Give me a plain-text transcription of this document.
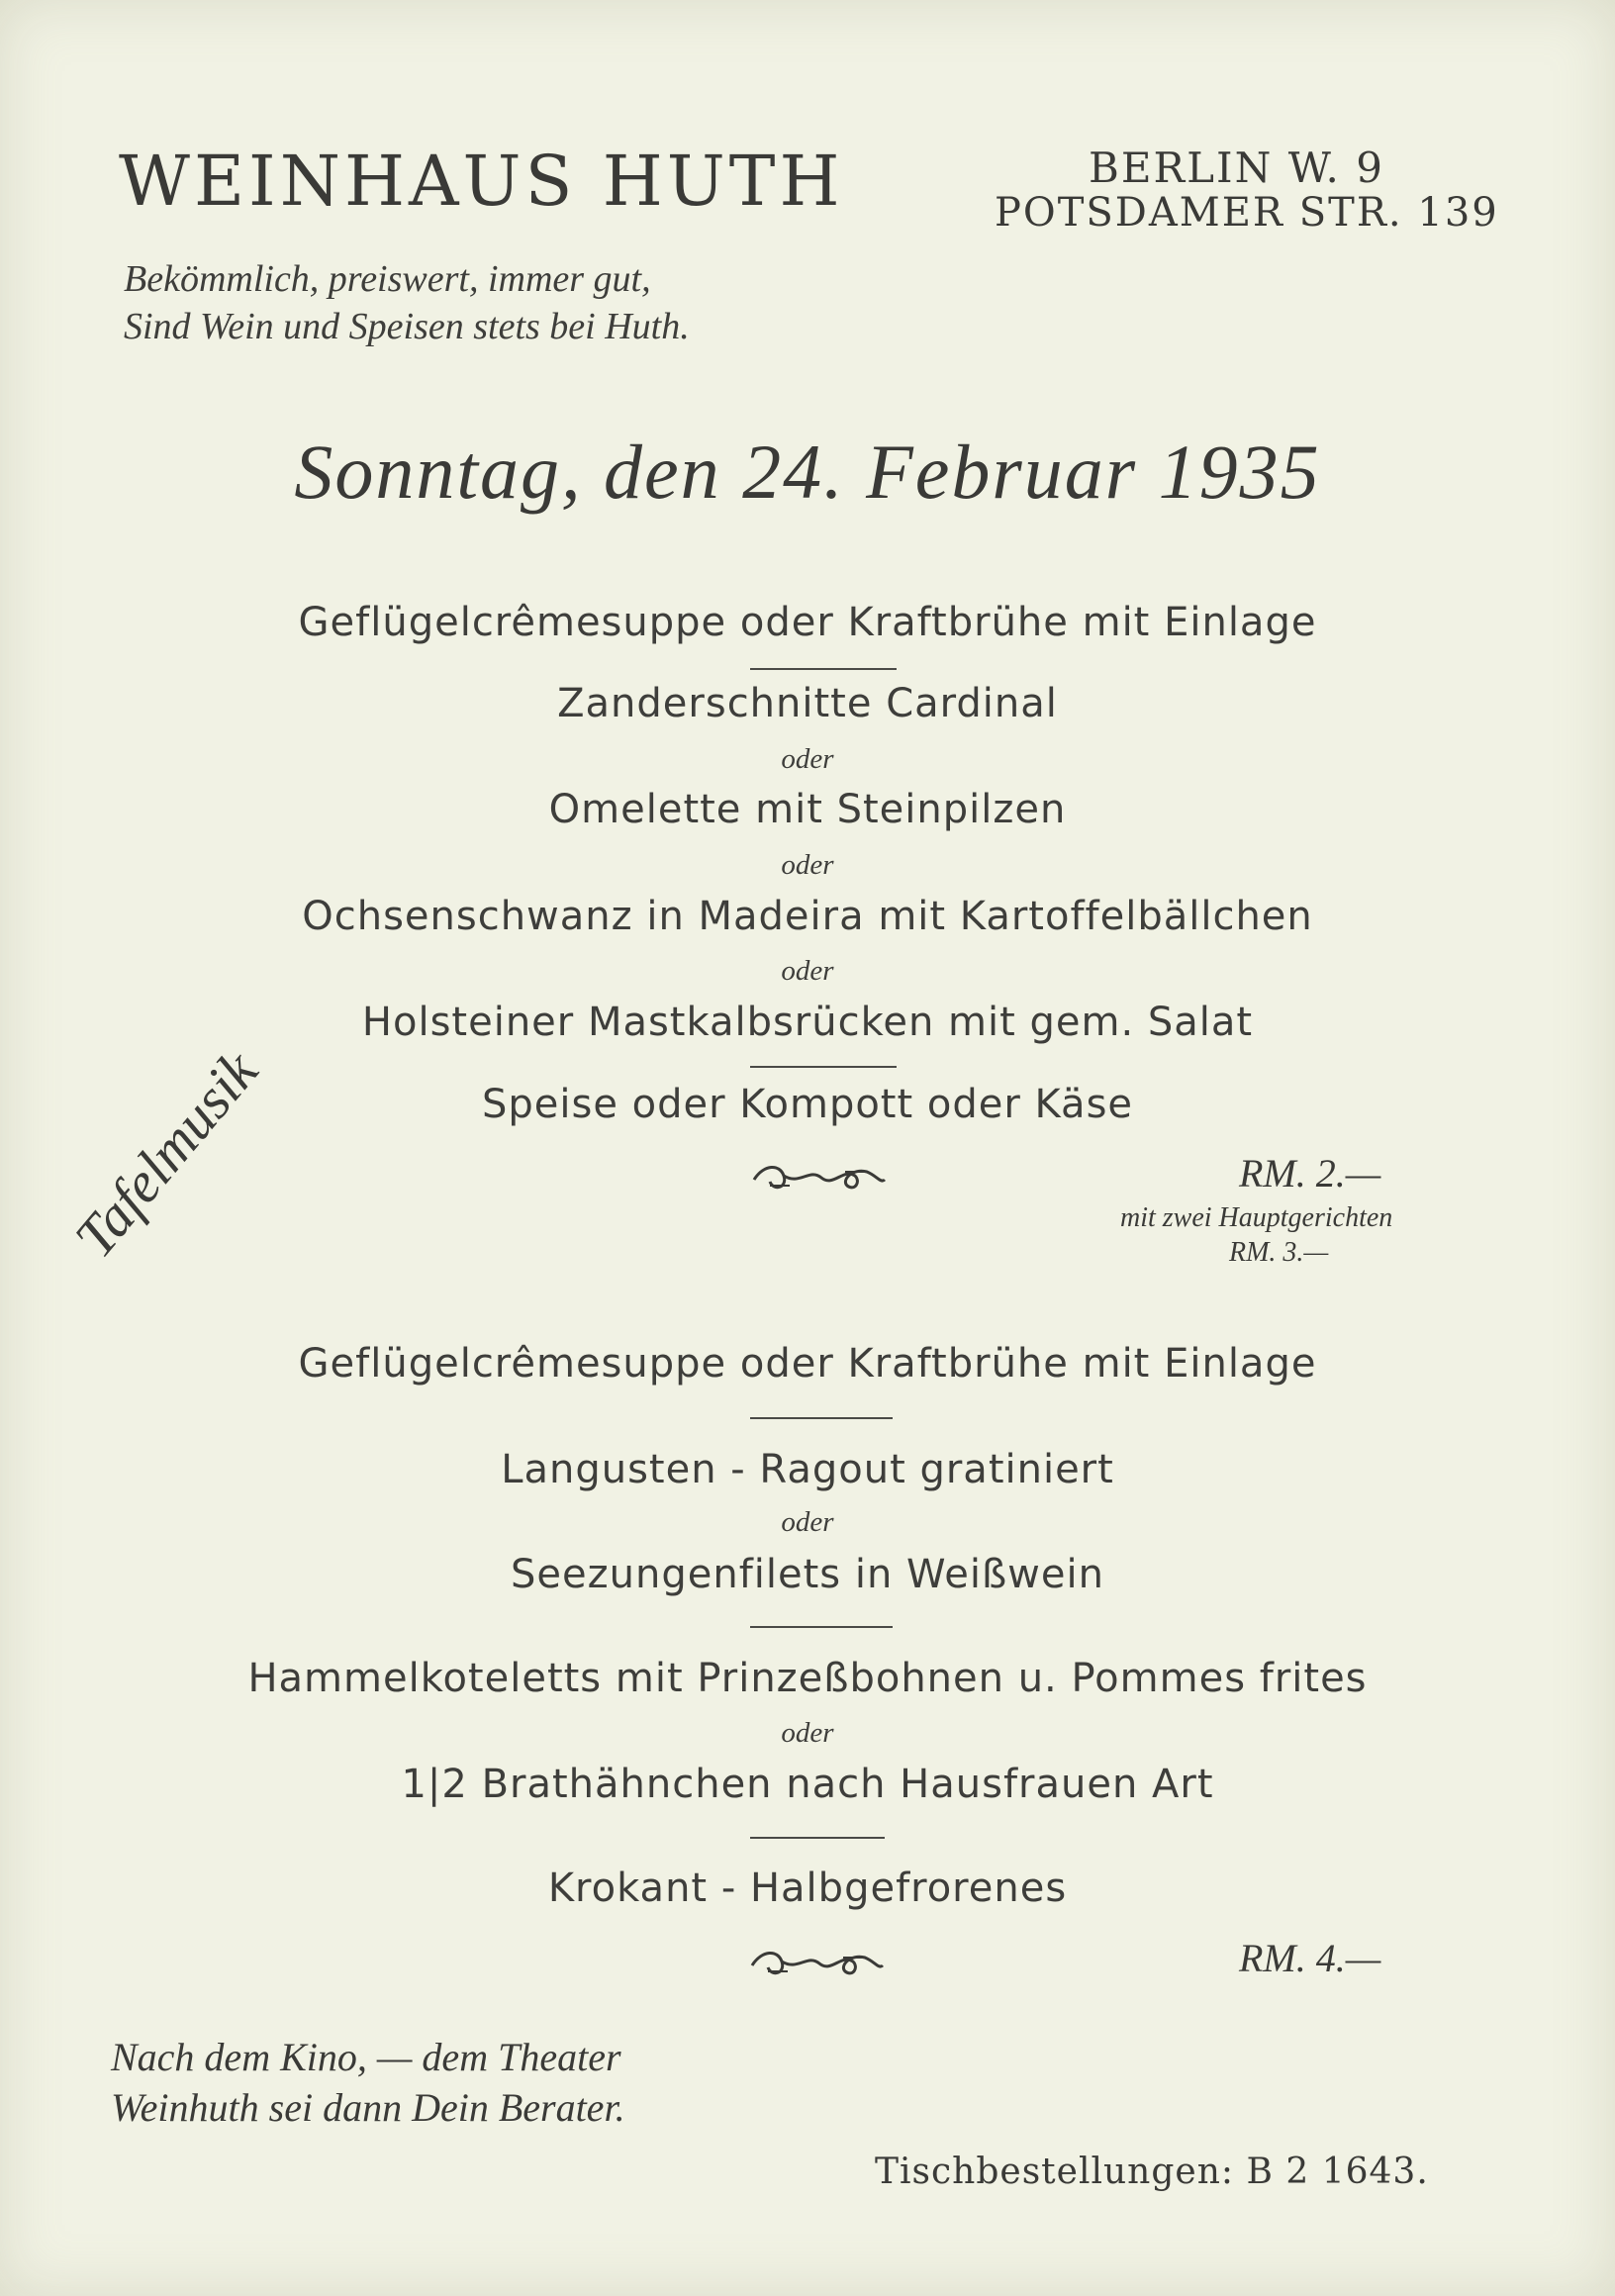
WEINHAUS HUTH	BERLIN W. 9
POTSDAMER STR. 139
Bekömmlich, preiswert, immer gut,
Sind Wein und Speisen stets bei Huth.
Sonntag, den 24. Februar 1935
Tafelmusik
Geflügelcrêmesuppe oder Kraftbrühe mit Einlage
Zanderschnitte Cardinal
oder
Omelette mit Steinpilzen
oder
Ochsenschwanz in Madeira mit Kartoffelbällchen
oder
Holsteiner Mastkalbsrücken mit gem. Salat
Speise oder Kompott oder Käse
RM. 2.—
mit zwei Hauptgerichten
RM. 3.—
Geflügelcrêmesuppe oder Kraftbrühe mit Einlage
Langusten - Ragout gratiniert
oder
Seezungenfilets in Weißwein
Hammelkoteletts mit Prinzeßbohnen u. Pommes frites
oder
1|2 Brathähnchen nach Hausfrauen Art
Krokant - Halbgefrorenes
RM. 4.—
Nach dem Kino, — dem Theater
Weinhuth sei dann Dein Berater.
Tischbestellungen: B 2 1643.
